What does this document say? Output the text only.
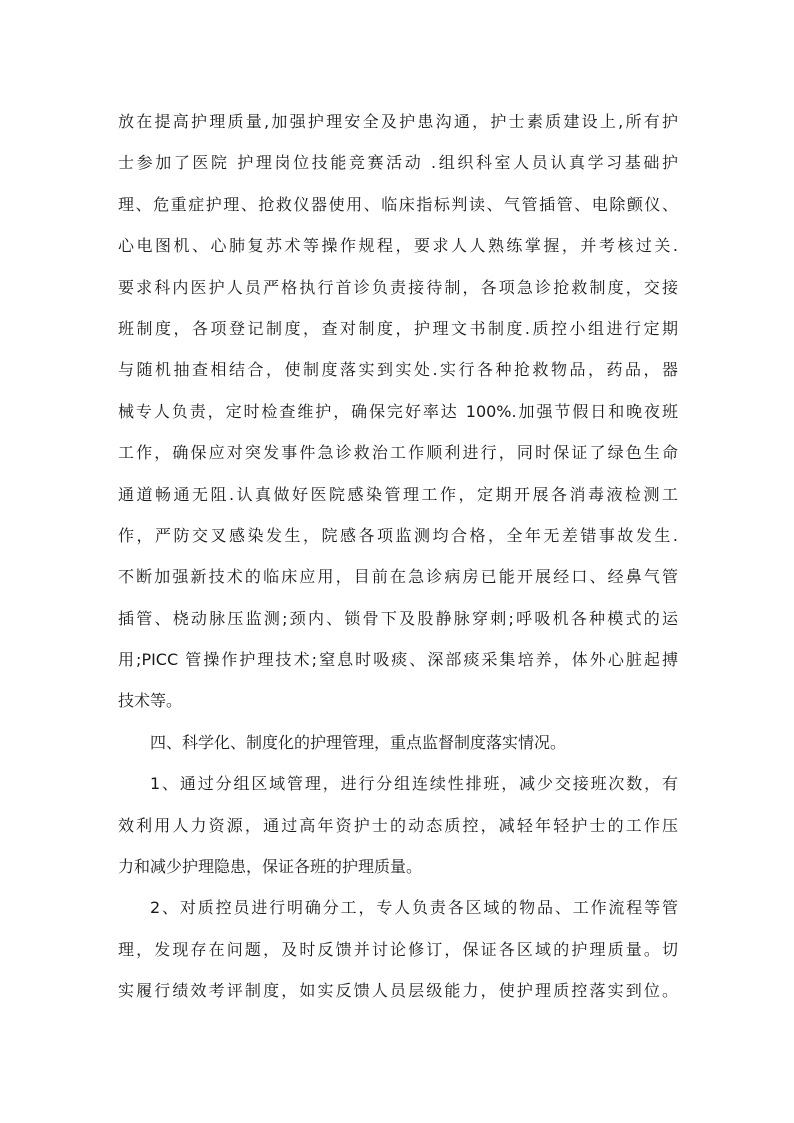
放在提高护理质量,加强护理安全及护患沟通，护士素质建设上,所有护
士参加了医院 护理岗位技能竞赛活动 .组织科室人员认真学习基础护
理、危重症护理、抢救仪器使用、临床指标判读、气管插管、电除颤仪、
心电图机、心肺复苏术等操作规程，要求人人熟练掌握，并考核过关.
要求科内医护人员严格执行首诊负责接待制，各项急诊抢救制度，交接
班制度，各项登记制度，查对制度，护理文书制度.质控小组进行定期
与随机抽查相结合，使制度落实到实处.实行各种抢救物品，药品，器
械专人负责，定时检查维护，确保完好率达 100%.加强节假日和晚夜班
工作，确保应对突发事件急诊救治工作顺利进行，同时保证了绿色生命
通道畅通无阻.认真做好医院感染管理工作，定期开展各消毒液检测工
作，严防交叉感染发生，院感各项监测均合格，全年无差错事故发生.
不断加强新技术的临床应用，目前在急诊病房已能开展经口、经鼻气管
插管、桡动脉压监测;颈内、锁骨下及股静脉穿刺;呼吸机各种模式的运
用;PICC 管操作护理技术;窒息时吸痰、深部痰采集培养，体外心脏起搏
技术等。
四、科学化、制度化的护理管理，重点监督制度落实情况。
1、通过分组区域管理，进行分组连续性排班，减少交接班次数，有
效利用人力资源，通过高年资护士的动态质控，减轻年轻护士的工作压
力和减少护理隐患，保证各班的护理质量。
2、对质控员进行明确分工，专人负责各区域的物品、工作流程等管
理，发现存在问题，及时反馈并讨论修订，保证各区域的护理质量。切
实履行绩效考评制度，如实反馈人员层级能力，使护理质控落实到位。
